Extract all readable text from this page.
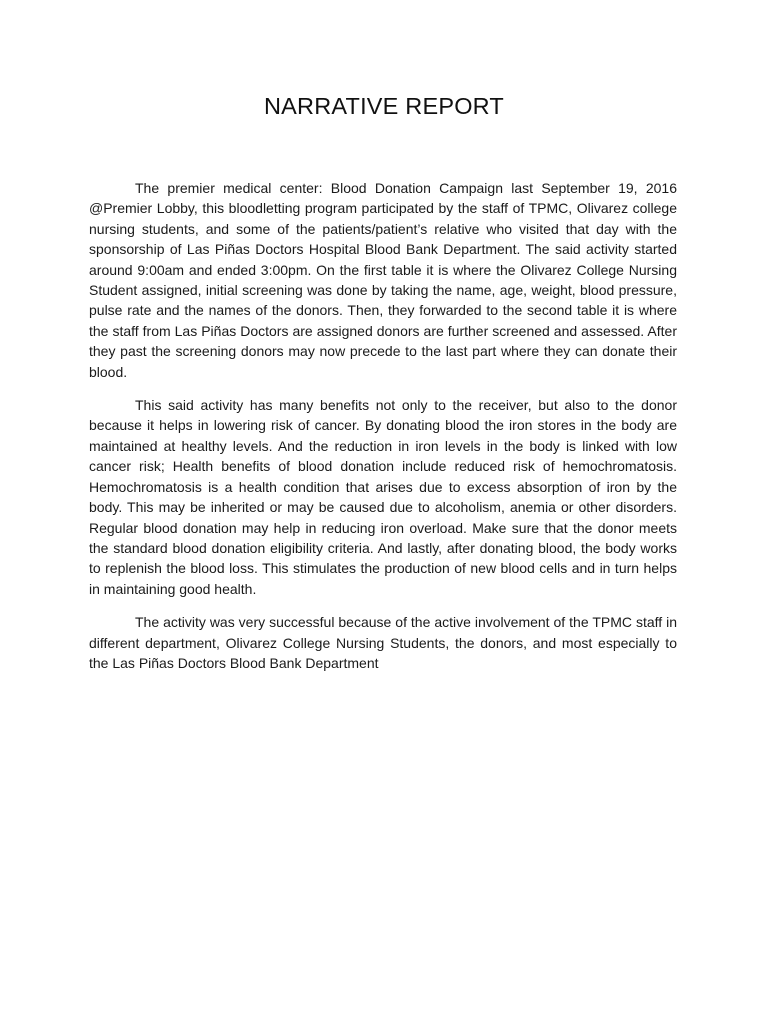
NARRATIVE REPORT

The premier medical center: Blood Donation Campaign last September 19, 2016 @Premier Lobby, this bloodletting program participated by the staff of TPMC, Olivarez college nursing students, and some of the patients/patient’s relative who visited that day with the sponsorship of Las Piñas Doctors Hospital Blood Bank Department. The said activity started around 9:00am and ended 3:00pm. On the first table it is where the Olivarez College Nursing Student assigned, initial screening was done by taking the name, age, weight, blood pressure, pulse rate and the names of the donors. Then, they forwarded to the second table it is where the staff from Las Piñas Doctors are assigned donors are further screened and assessed. After they past the screening donors may now precede to the last part where they can donate their blood.

This said activity has many benefits not only to the receiver, but also to the donor because it helps in lowering risk of cancer. By donating blood the iron stores in the body are maintained at healthy levels. And the reduction in iron levels in the body is linked with low cancer risk; Health benefits of blood donation include reduced risk of hemochromatosis. Hemochromatosis is a health condition that arises due to excess absorption of iron by the body. This may be inherited or may be caused due to alcoholism, anemia or other disorders. Regular blood donation may help in reducing iron overload. Make sure that the donor meets the standard blood donation eligibility criteria. And lastly, after donating blood, the body works to replenish the blood loss. This stimulates the production of new blood cells and in turn helps in maintaining good health.

The activity was very successful because of the active involvement of the TPMC staff in different department, Olivarez College Nursing Students, the donors, and most especially to the Las Piñas Doctors Blood Bank Department
